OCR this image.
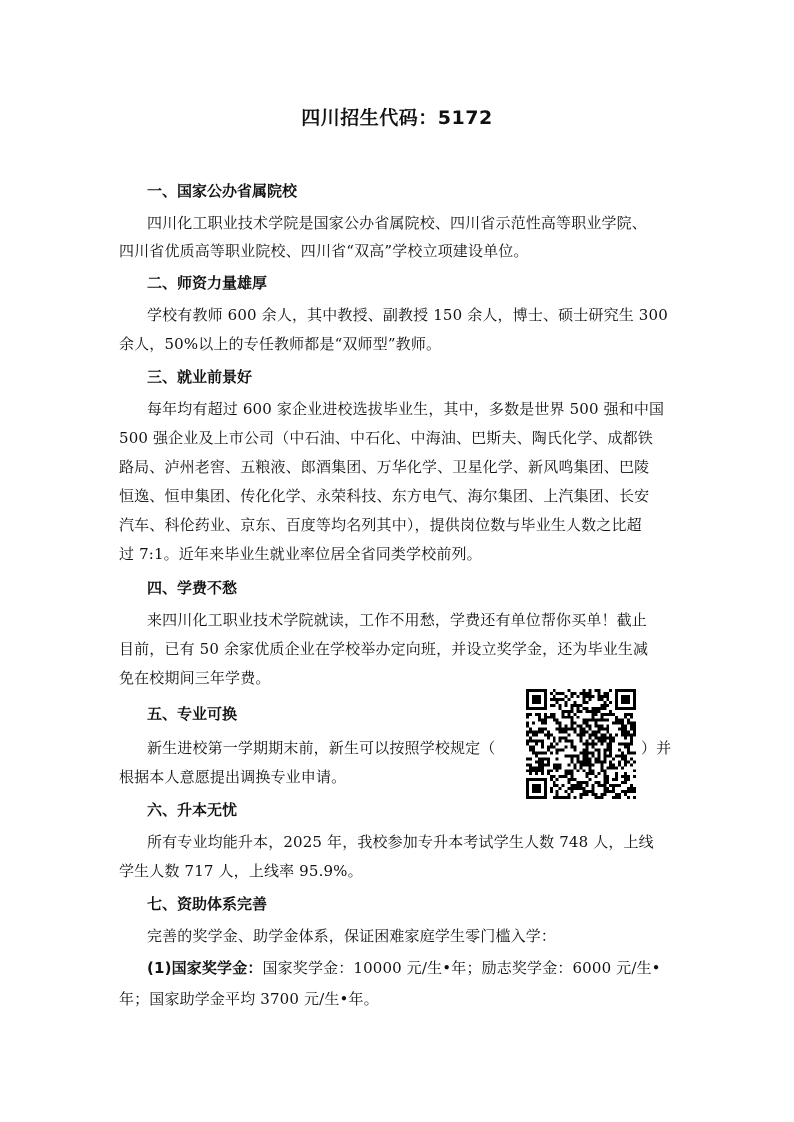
四川招生代码：5172
一、国家公办省属院校
四川化工职业技术学院是国家公办省属院校、四川省示范性高等职业学院、
四川省优质高等职业院校、四川省“双高”学校立项建设单位。
二、师资力量雄厚
学校有教师 600 余人，其中教授、副教授 150 余人，博士、硕士研究生 300
余人，50%以上的专任教师都是“双师型”教师。
三、就业前景好
每年均有超过 600 家企业进校选拔毕业生，其中，多数是世界 500 强和中国
500 强企业及上市公司（中石油、中石化、中海油、巴斯夫、陶氏化学、成都铁
路局、泸州老窖、五粮液、郎酒集团、万华化学、卫星化学、新风鸣集团、巴陵
恒逸、恒申集团、传化化学、永荣科技、东方电气、海尔集团、上汽集团、长安
汽车、科伦药业、京东、百度等均名列其中），提供岗位数与毕业生人数之比超
过 7:1。近年来毕业生就业率位居全省同类学校前列。
四、学费不愁
来四川化工职业技术学院就读，工作不用愁，学费还有单位帮你买单！截止
目前，已有 50 余家优质企业在学校举办定向班，并设立奖学金，还为毕业生减
免在校期间三年学费。
五、专业可换
新生进校第一学期期末前，新生可以按照学校规定（	）并
根据本人意愿提出调换专业申请。
六、升本无忧
所有专业均能升本，2025 年，我校参加专升本考试学生人数 748 人，上线
学生人数 717 人，上线率 95.9%。
七、资助体系完善
完善的奖学金、助学金体系，保证困难家庭学生零门槛入学：
(1)国家奖学金：国家奖学金：10000 元/生•年；励志奖学金：6000 元/生•
年；国家助学金平均 3700 元/生•年。
